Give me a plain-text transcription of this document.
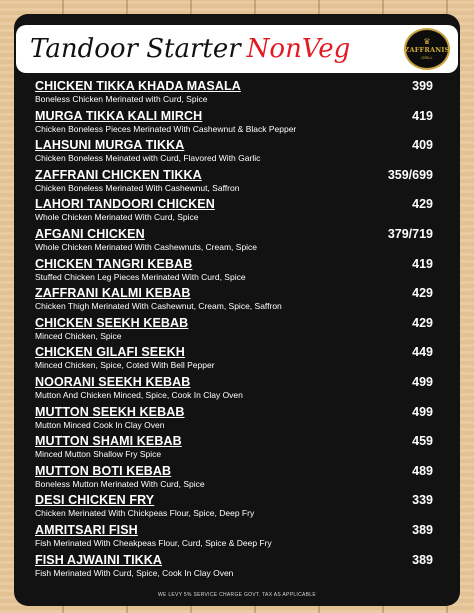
Tandoor Starter NonVeg	♛
ZAFFRANIS
GRILL
CHICKEN TIKKA KHADA MASALA	399
Boneless Chicken Merinated with Curd, Spice
MURGA TIKKA KALI MIRCH	419
Chicken Boneless Pieces Merinated With Cashewnut & Black Pepper
LAHSUNI MURGA TIKKA	409
Chicken Boneless Meinated with Curd, Flavored With Garlic
ZAFFRANI CHICKEN TIKKA	359/699
Chicken Boneless Merinated With Cashewnut, Saffron
LAHORI TANDOORI CHICKEN	429
Whole Chicken Merinated With Curd, Spice
AFGANI CHICKEN	379/719
Whole Chicken Merinated With Cashewnuts, Cream, Spice
CHICKEN TANGRI KEBAB	419
Stuffed Chicken Leg Pieces Merinated With Curd, Spice
ZAFFRANI KALMI KEBAB	429
Chicken Thigh Merinated With Cashewnut, Cream, Spice, Saffron
CHICKEN SEEKH KEBAB	429
Minced Chicken, Spice
CHICKEN GILAFI SEEKH	449
Minced Chicken, Spice, Coted With Bell Pepper
NOORANI SEEKH KEBAB	499
Mutton And Chicken Minced, Spice, Cook In Clay Oven
MUTTON SEEKH KEBAB	499
Mutton Minced Cook In Clay Oven
MUTTON SHAMI KEBAB	459
Minced Mutton Shallow Fry Spice
MUTTON BOTI KEBAB	489
Boneless Mutton Merinated With Curd, Spice
DESI CHICKEN FRY	339
Chicken Merinated With Chickpeas Flour, Spice, Deep Fry
AMRITSARI FISH	389
Fish Merinated With Cheakpeas Flour, Curd, Spice & Deep Fry
FISH AJWAINI TIKKA	389
Fish Merinated With Curd, Spice, Cook In Clay Oven
WE LEVY 5% SERVICE CHARGE GOVT. TAX AS APPLICABLE
